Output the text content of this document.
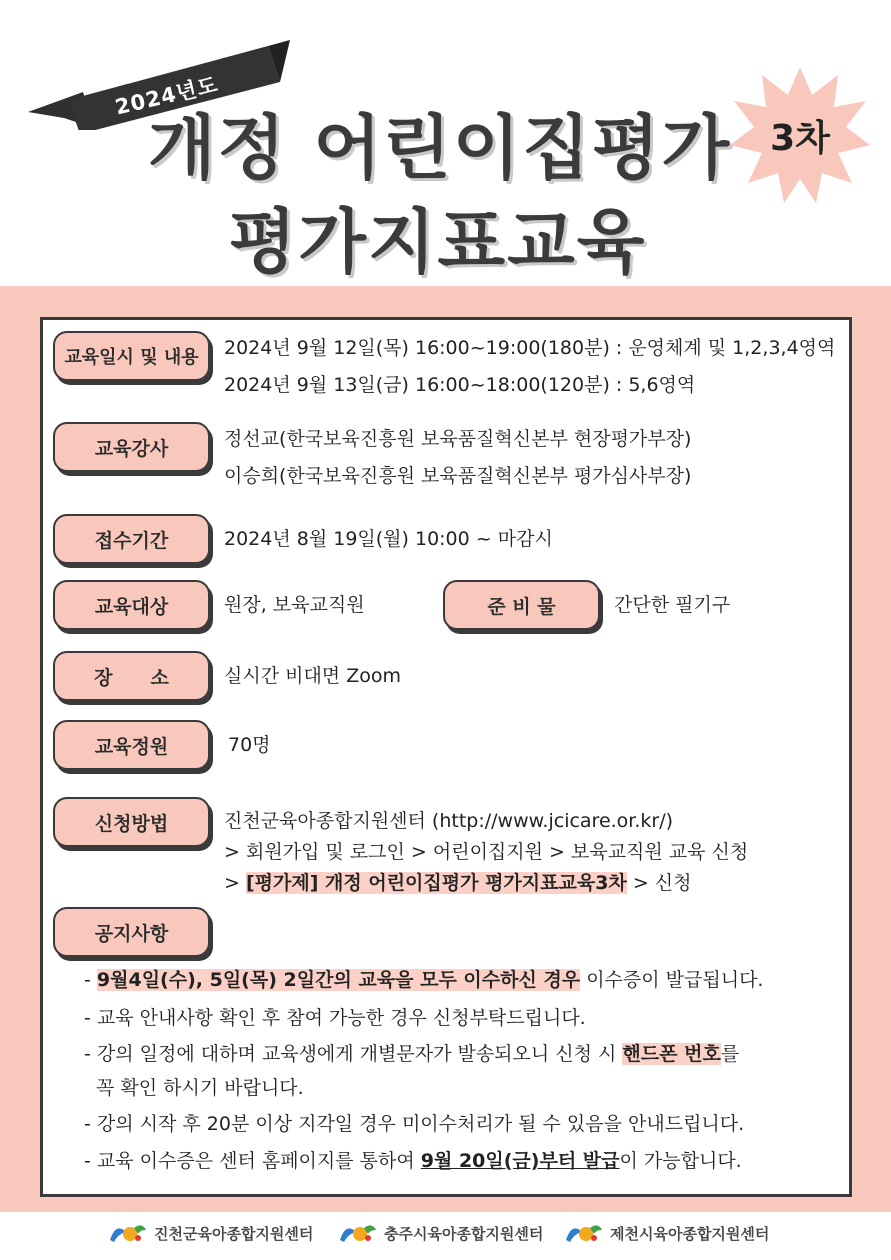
2024년도
개정 어린이집평가
평가지표교육
3차
교육일시 및 내용	2024년 9월 12일(목) 16:00~19:00(180분) : 운영체계 및 1,2,3,4영역
2024년 9월 13일(금) 16:00~18:00(120분) : 5,6영역
교육강사	정선교(한국보육진흥원 보육품질혁신본부 현장평가부장)
이승희(한국보육진흥원 보육품질혁신본부 평가심사부장)
접수기간	2024년 8월 19일(월) 10:00 ~ 마감시
교육대상	원장, 보육교직원	준 비 물	간단한 필기구
장　　소	실시간 비대면 Zoom
교육정원	70명
신청방법	진천군육아종합지원센터 (http://www.jcicare.or.kr/)
> 회원가입 및 로그인 > 어린이집지원 > 보육교직원 교육 신청
> [평가제] 개정 어린이집평가 평가지표교육3차 > 신청
공지사항
- 9월4일(수), 5일(목) 2일간의 교육을 모두 이수하신 경우 이수증이 발급됩니다.
- 교육 안내사항 확인 후 참여 가능한 경우 신청부탁드립니다.
- 강의 일정에 대하며 교육생에게 개별문자가 발송되오니 신청 시 핸드폰 번호를
꼭 확인 하시기 바랍니다.
- 강의 시작 후 20분 이상 지각일 경우 미이수처리가 될 수 있음을 안내드립니다.
- 교육 이수증은 센터 홈페이지를 통하여 9월 20일(금)부터 발급이 가능합니다.
진천군육아종합지원센터	충주시육아종합지원센터	제천시육아종합지원센터
